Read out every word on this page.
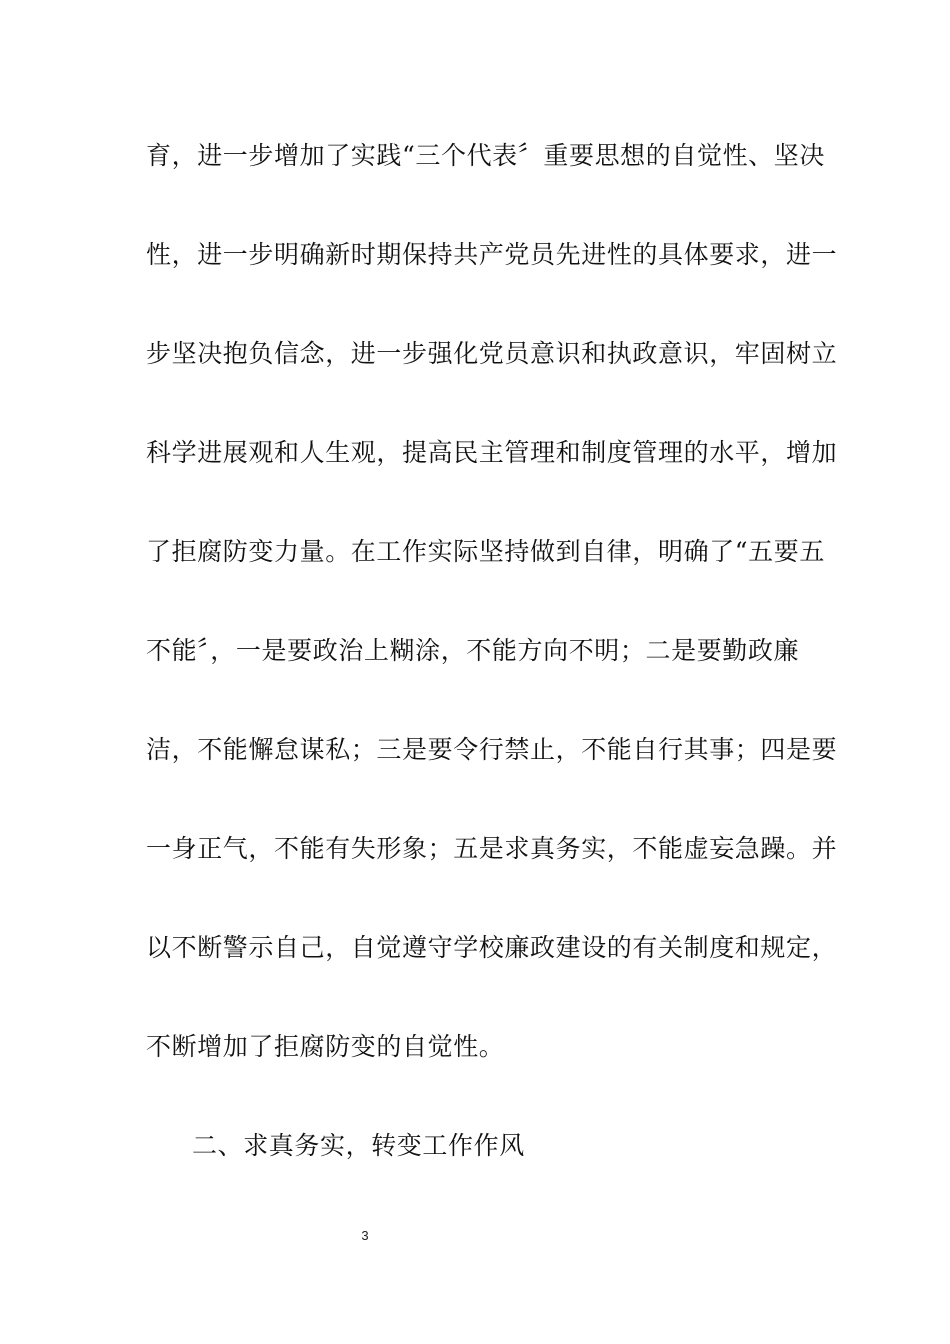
育，进一步增加了实践“三个代表〞重要思想的自觉性、坚决
性，进一步明确新时期保持共产党员先进性的具体要求，进一
步坚决抱负信念，进一步强化党员意识和执政意识，牢固树立
科学进展观和人生观，提高民主管理和制度管理的水平，增加
了拒腐防变力量。在工作实际坚持做到自律，明确了“五要五
不能〞，一是要政治上糊涂，不能方向不明；二是要勤政廉
洁，不能懈怠谋私；三是要令行禁止，不能自行其事；四是要
一身正气，不能有失形象；五是求真务实，不能虚妄急躁。并
以不断警示自己，自觉遵守学校廉政建设的有关制度和规定，
不断增加了拒腐防变的自觉性。
二、求真务实，转变工作作风
3
